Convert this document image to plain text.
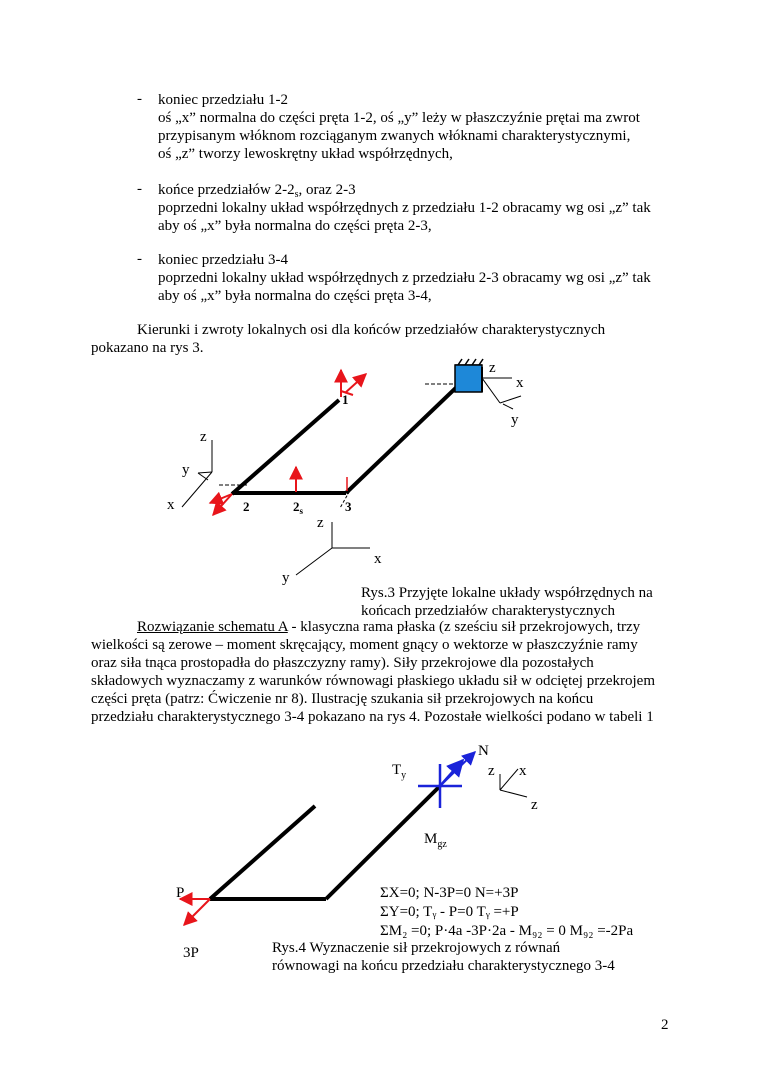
- koniec przedziału 1-2
oś „x” normalna do części pręta 1-2, oś „y” leży w płaszczyźnie prętai ma zwrot
przypisanym włóknom rozciąganym zwanych włóknami charakterystycznymi,
oś „z” tworzy lewoskrętny układ współrzędnych,
- końce przedziałów $2-2_s$, oraz 2-3
poprzedni lokalny układ współrzędnych z przedziału 1-2 obracamy wg osi „z” tak
aby oś „x” była normalna do części pręta 2-3,
- koniec przedziału 3-4
poprzedni lokalny układ współrzędnych z przedziału 2-3 obracamy wg osi „z” tak
aby oś „x” była normalna do części pręta 3-4,
Kierunki i zwroty lokalnych osi dla końców przedziałów charakterystycznych
pokazano na rys 3.
z
x
y
1
z
y
x	2	$2_s$	3
z
x
y
Rys.3 Przyjęte lokalne układy współrzędnych na
końcach przedziałów charakterystycznych
N
$T_y$
$M_{gz}$
z x
z
P
3P
ΣX=0; N-3P=0 N=+3P
ΣY=0; Tᵧ - P=0 Tᵧ =+P
ΣM₂ =0; P·4a -3P·2a - M₉₂ = 0 M₉₂ =-2Pa
Rys.4 Wyznaczenie sił przekrojowych z równań
równowagi na końcu przedziału charakterystycznego 3-4
Rozwiązanie schematu A - klasyczna rama płaska (z sześciu sił przekrojowych, trzy
wielkości są zerowe – moment skręcający, moment gnący o wektorze w płaszczyźnie ramy
oraz siła tnąca prostopadła do płaszczyzny ramy). Siły przekrojowe dla pozostałych
składowych wyznaczamy z warunków równowagi płaskiego układu sił w odciętej przekrojem
części pręta (patrz: Ćwiczenie nr 8). Ilustrację szukania sił przekrojowych na końcu
przedziału charakterystycznego 3-4 pokazano na rys 4. Pozostałe wielkości podano w tabeli 1
2
